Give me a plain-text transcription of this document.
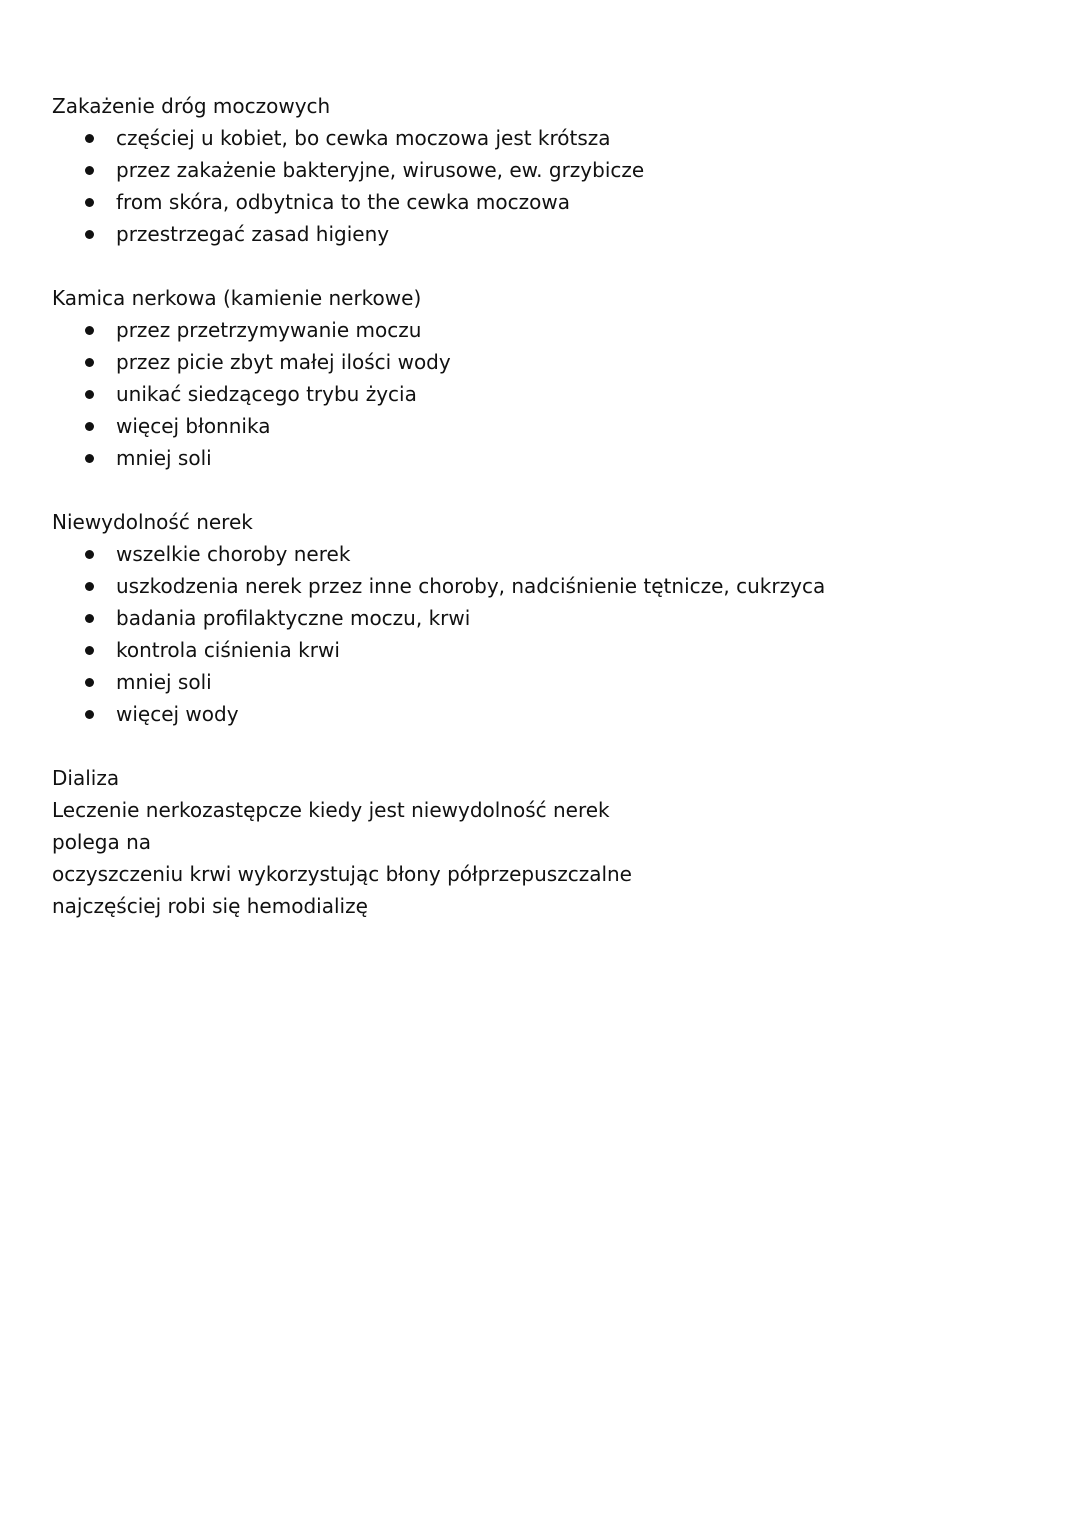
Zakażenie dróg moczowych
częściej u kobiet, bo cewka moczowa jest krótsza
przez zakażenie bakteryjne, wirusowe, ew. grzybicze
from skóra, odbytnica to the cewka moczowa
przestrzegać zasad higieny
Kamica nerkowa (kamienie nerkowe)
przez przetrzymywanie moczu
przez picie zbyt małej ilości wody
unikać siedzącego trybu życia
więcej błonnika
mniej soli
Niewydolność nerek
wszelkie choroby nerek
uszkodzenia nerek przez inne choroby, nadciśnienie tętnicze, cukrzyca
badania profilaktyczne moczu, krwi
kontrola ciśnienia krwi
mniej soli
więcej wody
Dializa
Leczenie nerkozastępcze kiedy jest niewydolność nerek
polega na
oczyszczeniu krwi wykorzystując błony półprzepuszczalne
najczęściej robi się hemodializę
